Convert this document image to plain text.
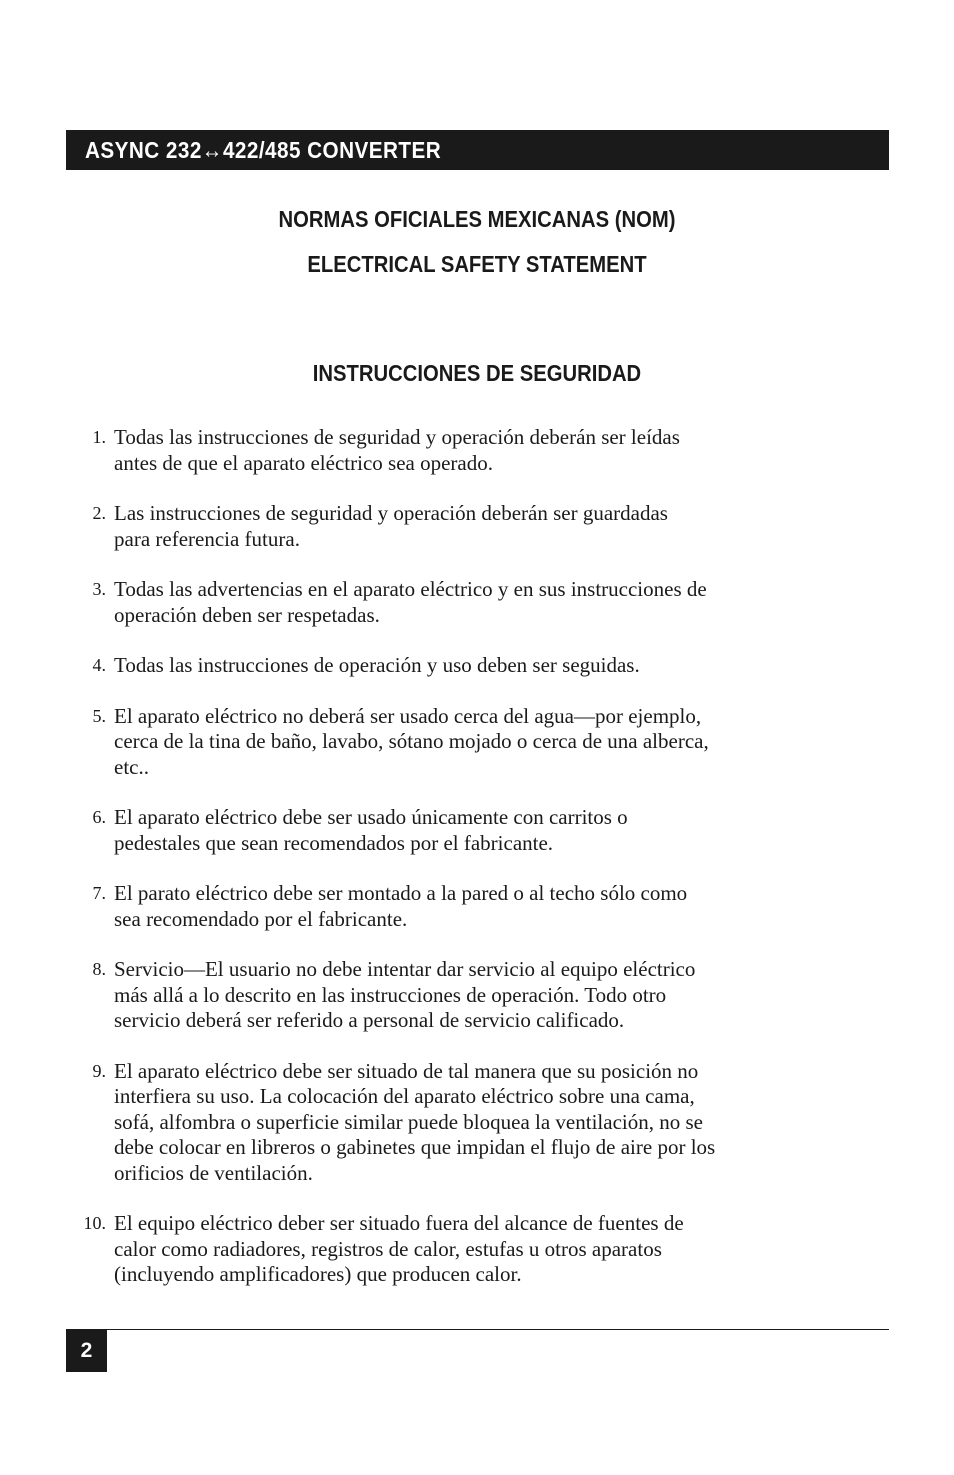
ASYNC 232↔422/485 CONVERTER
NORMAS OFICIALES MEXICANAS (NOM)
ELECTRICAL SAFETY STATEMENT
INSTRUCCIONES DE SEGURIDAD
1. Todas las instrucciones de seguridad y operación deberán ser leídas
antes de que el aparato eléctrico sea operado.
2. Las instrucciones de seguridad y operación deberán ser guardadas
para referencia futura.
3. Todas las advertencias en el aparato eléctrico y en sus instrucciones de
operación deben ser respetadas.
4. Todas las instrucciones de operación y uso deben ser seguidas.
5. El aparato eléctrico no deberá ser usado cerca del agua—por ejemplo,
cerca de la tina de baño, lavabo, sótano mojado o cerca de una alberca,
etc..
6. El aparato eléctrico debe ser usado únicamente con carritos o
pedestales que sean recomendados por el fabricante.
7. El parato eléctrico debe ser montado a la pared o al techo sólo como
sea recomendado por el fabricante.
8. Servicio—El usuario no debe intentar dar servicio al equipo eléctrico
más allá a lo descrito en las instrucciones de operación. Todo otro
servicio deberá ser referido a personal de servicio calificado.
9. El aparato eléctrico debe ser situado de tal manera que su posición no
interfiera su uso. La colocación del aparato eléctrico sobre una cama,
sofá, alfombra o superficie similar puede bloquea la ventilación, no se
debe colocar en libreros o gabinetes que impidan el flujo de aire por los
orificios de ventilación.
10. El equipo eléctrico deber ser situado fuera del alcance de fuentes de
calor como radiadores, registros de calor, estufas u otros aparatos
(incluyendo amplificadores) que producen calor.
2
